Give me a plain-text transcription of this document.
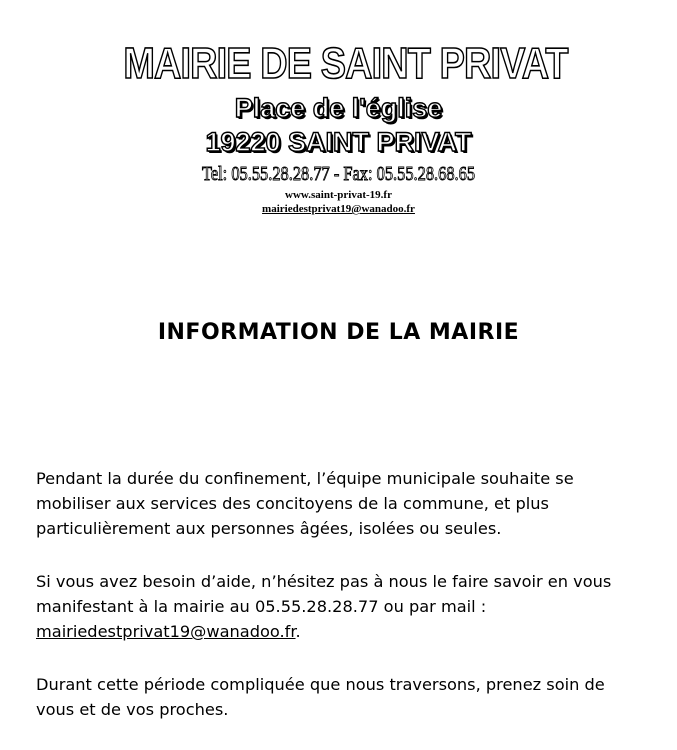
MAIRIE DE SAINT PRIVAT
Place de l'église
19220 SAINT PRIVAT
Tel: 05.55.28.28.77 - Fax: 05.55.28.68.65
www.saint-privat-19.fr
mairiedestprivat19@wanadoo.fr
INFORMATION DE LA MAIRIE

Pendant la durée du confinement, l’équipe municipale souhaite se
mobiliser aux services des concitoyens de la commune, et plus
particulièrement aux personnes âgées, isolées ou seules.

Si vous avez besoin d’aide, n’hésitez pas à nous le faire savoir en vous
manifestant à la mairie au 05.55.28.28.77 ou par mail :
mairiedestprivat19@wanadoo.fr.

Durant cette période compliquée que nous traversons, prenez soin de
vous et de vos proches.
